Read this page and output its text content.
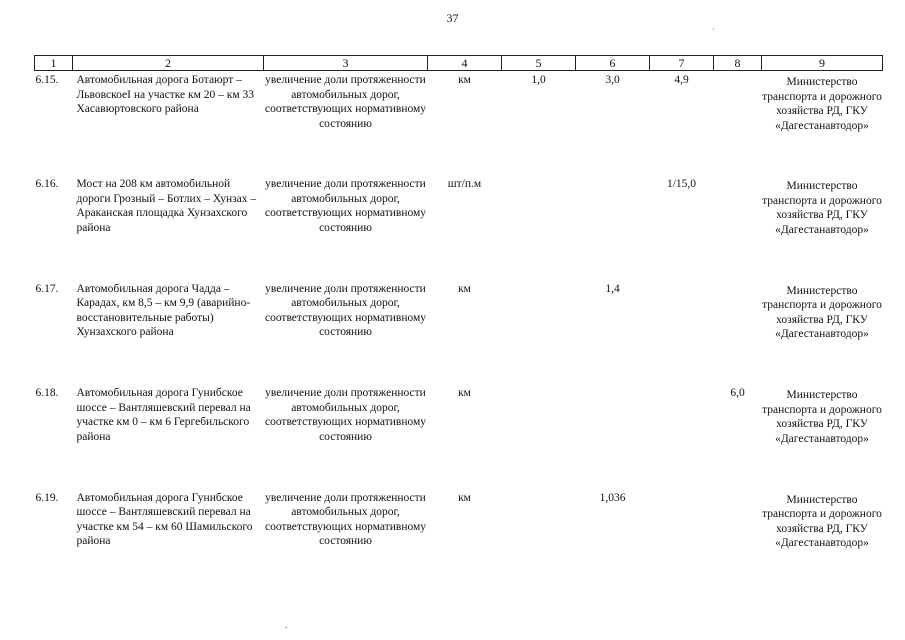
37
`
.
1	2	3	4	5	6	7	8	9
6.15.	Автомобильная дорога Ботаюрт – ЛьвовскоеI на участке км 20 – км 33 Хасавюртовского района	увеличение доли протяженности автомобильных дорог, соответствующих нормативному состоянию	км	1,0	3,0	4,9		Министерство транспорта и дорожного хозяйства РД, ГКУ «Дагестанавтодор»
6.16.	Мост на 208 км автомобильной дороги Грозный – Ботлих – Хунзах – Араканская площадка Хунзахского района	увеличение доли протяженности автомобильных дорог, соответствующих нормативному состоянию	шт/п.м			1/15,0		Министерство транспорта и дорожного хозяйства РД, ГКУ «Дагестанавтодор»
6.17.	Автомобильная дорога Чадда – Карадах, км 8,5 – км 9,9 (аварийно-восстановительные работы) Хунзахского района	увеличение доли протяженности автомобильных дорог, соответствующих нормативному состоянию	км		1,4			Министерство транспорта и дорожного хозяйства РД, ГКУ «Дагестанавтодор»
6.18.	Автомобильная дорога Гунибское шоссе – Вантляшевский перевал на участке км 0 – км 6 Гергебильского района	увеличение доли протяженности автомобильных дорог, соответствующих нормативному состоянию	км				6,0	Министерство транспорта и дорожного хозяйства РД, ГКУ «Дагестанавтодор»
6.19.	Автомобильная дорога Гунибское шоссе – Вантляшевский перевал на участке км 54 – км 60 Шамильского района	увеличение доли протяженности автомобильных дорог, соответствующих нормативному состоянию	км		1,036			Министерство транспорта и дорожного хозяйства РД, ГКУ «Дагестанавтодор»
